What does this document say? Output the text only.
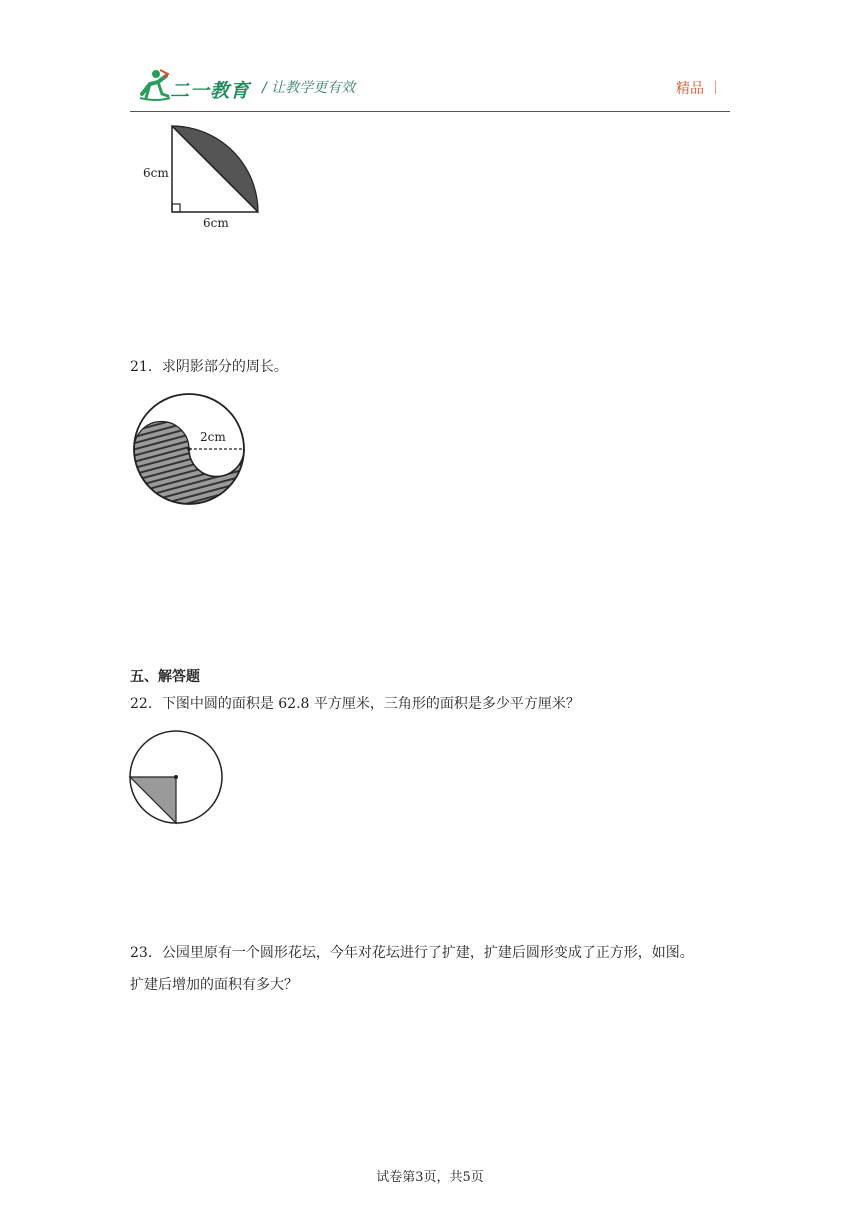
二一教育 / 让教学更有效	精品 ｜
6cm
6cm
21．求阴影部分的周长。
2cm
五、解答题
22．下图中圆的面积是 62.8 平方厘米，三角形的面积是多少平方厘米？
23．公园里原有一个圆形花坛，今年对花坛进行了扩建，扩建后圆形变成了正方形，如图。
扩建后增加的面积有多大？
试卷第3页，共5页
